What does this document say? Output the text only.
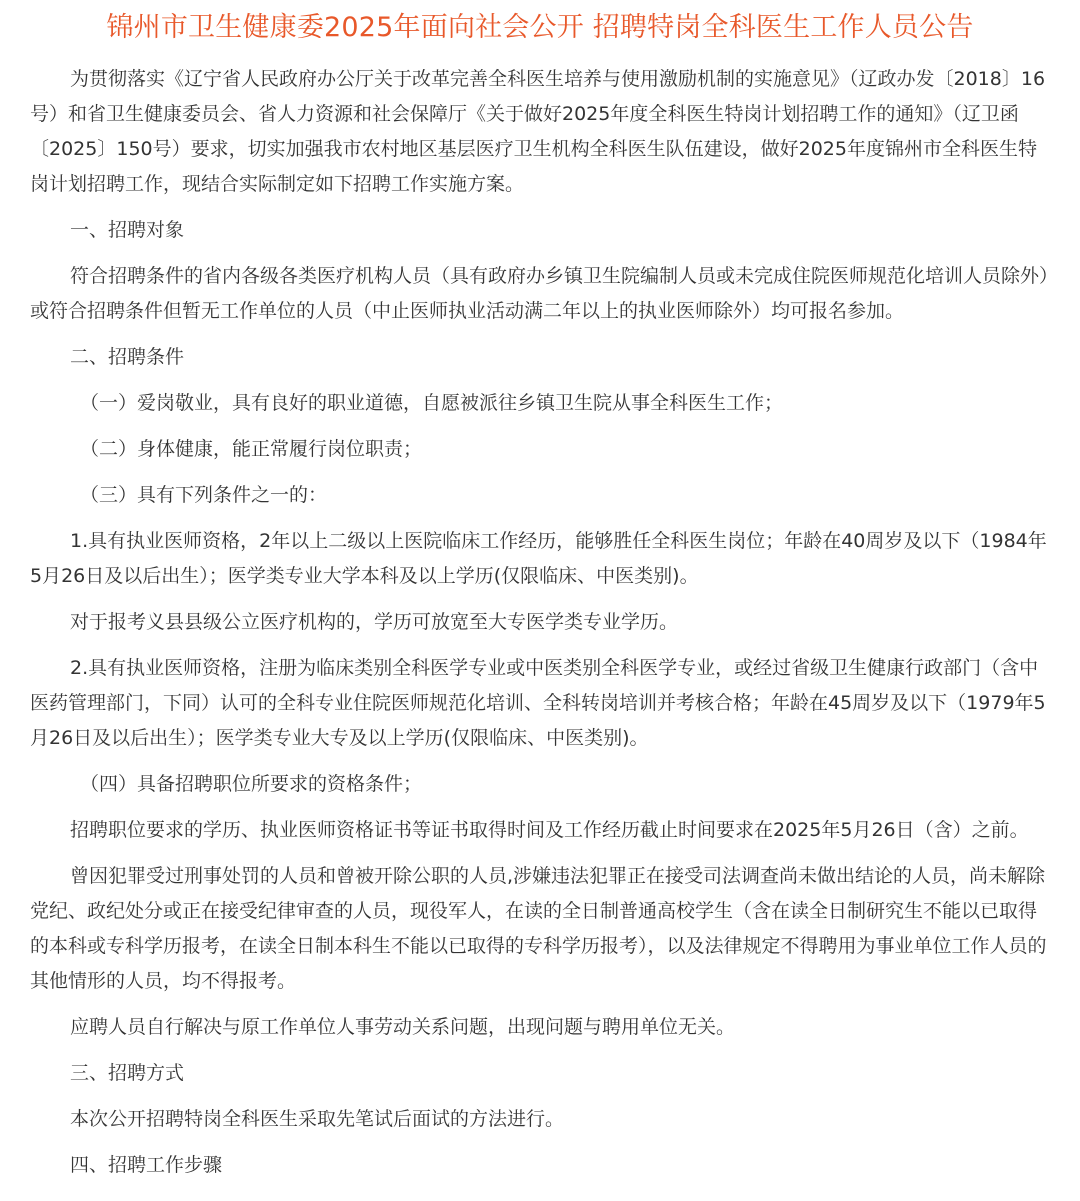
锦州市卫生健康委2025年面向社会公开 招聘特岗全科医生工作人员公告

为贯彻落实《辽宁省人民政府办公厅关于改革完善全科医生培养与使用激励机制的实施意见》（辽政办发〔2018〕16号）和省卫生健康委员会、省人力资源和社会保障厅《关于做好2025年度全科医生特岗计划招聘工作的通知》（辽卫函〔2025〕150号）要求，切实加强我市农村地区基层医疗卫生机构全科医生队伍建设，做好2025年度锦州市全科医生特岗计划招聘工作，现结合实际制定如下招聘工作实施方案。

一、招聘对象

符合招聘条件的省内各级各类医疗机构人员（具有政府办乡镇卫生院编制人员或未完成住院医师规范化培训人员除外）或符合招聘条件但暂无工作单位的人员（中止医师执业活动满二年以上的执业医师除外）均可报名参加。

二、招聘条件

（一）爱岗敬业，具有良好的职业道德，自愿被派往乡镇卫生院从事全科医生工作；

（二）身体健康，能正常履行岗位职责；

（三）具有下列条件之一的：

1.具有执业医师资格，2年以上二级以上医院临床工作经历，能够胜任全科医生岗位；年龄在40周岁及以下（1984年5月26日及以后出生）；医学类专业大学本科及以上学历(仅限临床、中医类别)。

对于报考义县县级公立医疗机构的，学历可放宽至大专医学类专业学历。

2.具有执业医师资格，注册为临床类别全科医学专业或中医类别全科医学专业，或经过省级卫生健康行政部门（含中医药管理部门，下同）认可的全科专业住院医师规范化培训、全科转岗培训并考核合格；年龄在45周岁及以下（1979年5月26日及以后出生）；医学类专业大专及以上学历(仅限临床、中医类别)。

（四）具备招聘职位所要求的资格条件；

招聘职位要求的学历、执业医师资格证书等证书取得时间及工作经历截止时间要求在2025年5月26日（含）之前。

曾因犯罪受过刑事处罚的人员和曾被开除公职的人员,涉嫌违法犯罪正在接受司法调查尚未做出结论的人员，尚未解除党纪、政纪处分或正在接受纪律审查的人员，现役军人，在读的全日制普通高校学生（含在读全日制研究生不能以已取得的本科或专科学历报考，在读全日制本科生不能以已取得的专科学历报考），以及法律规定不得聘用为事业单位工作人员的其他情形的人员，均不得报考。

应聘人员自行解决与原工作单位人事劳动关系问题，出现问题与聘用单位无关。

三、招聘方式

本次公开招聘特岗全科医生采取先笔试后面试的方法进行。

四、招聘工作步骤
